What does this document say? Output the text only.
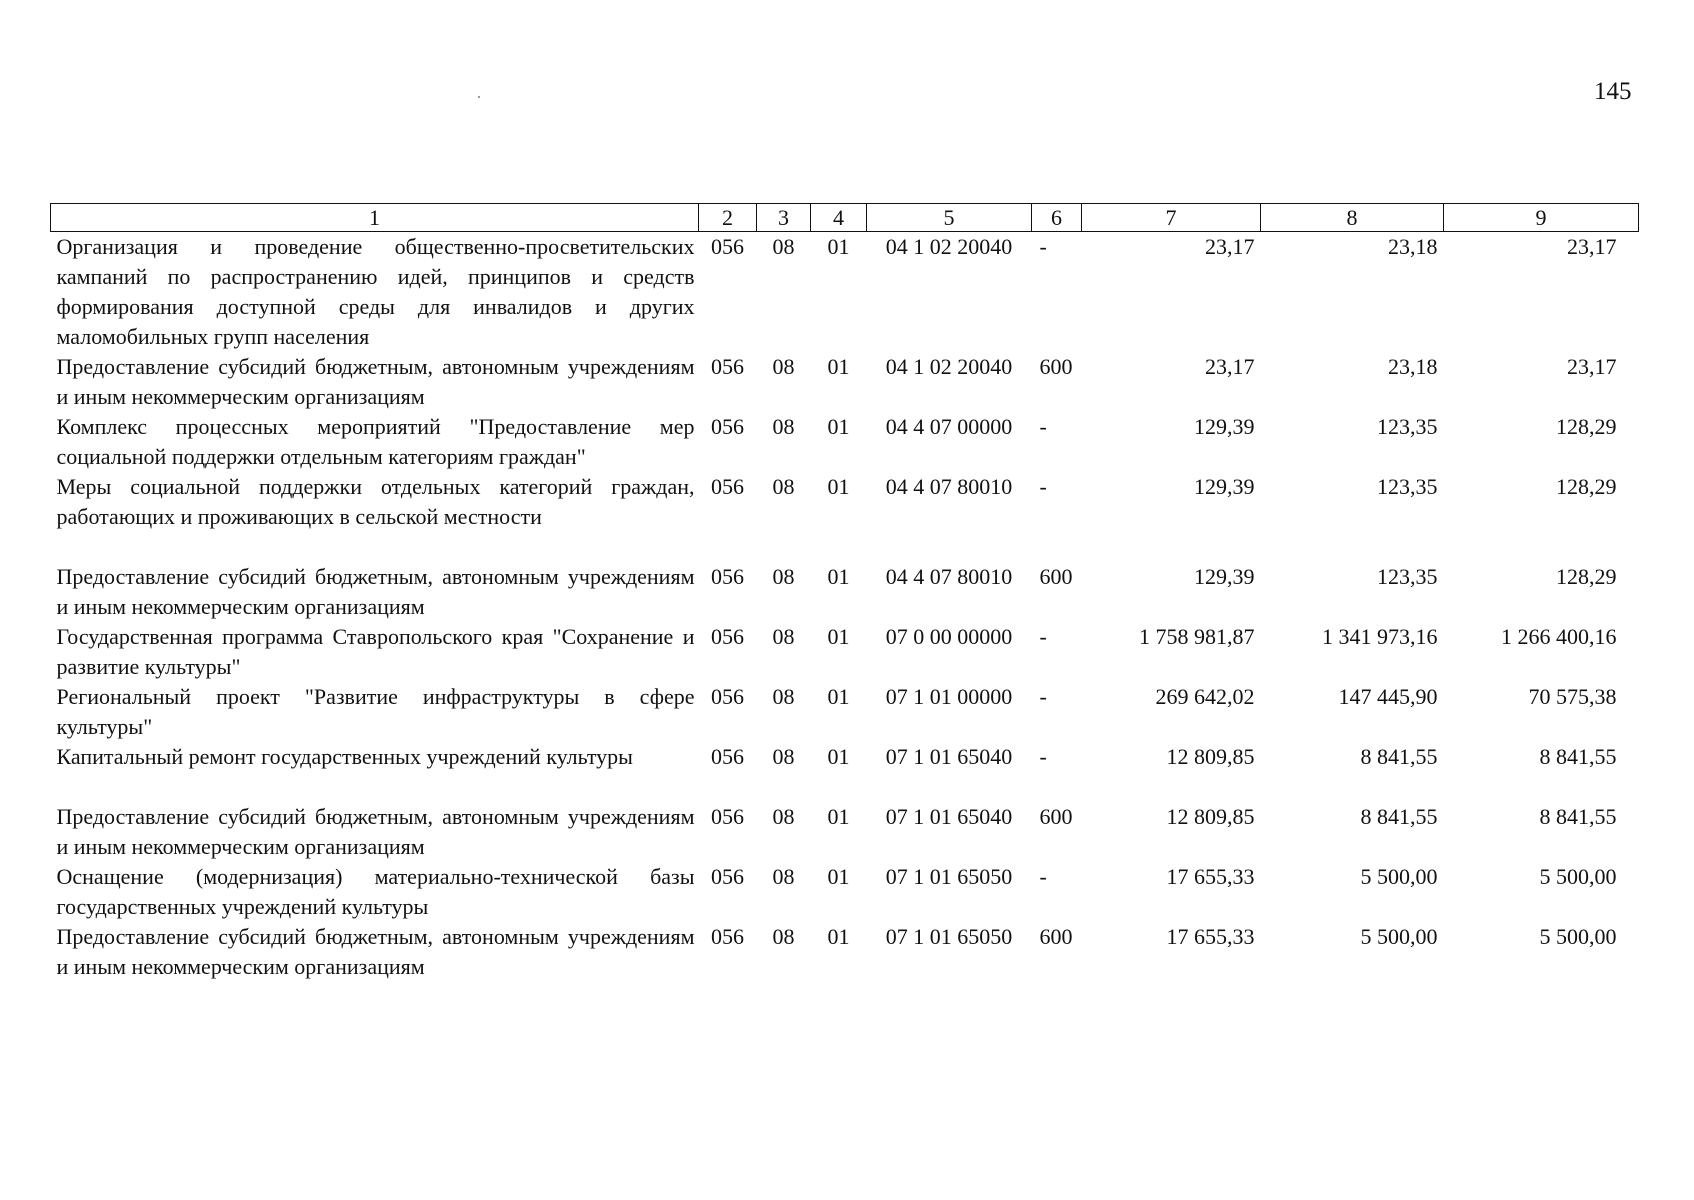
145
1	2	3	4	5	6	7	8	9
Организация и проведение общественно-просветительских кампаний по распространению идей, принципов и средств формирования доступной среды для инвалидов и других маломобильных групп населения	056	08	01	04 1 02 20040	-	23,17	23,18	23,17
Предоставление субсидий бюджетным, автономным учреждениям и иным некоммерческим организациям	056	08	01	04 1 02 20040	600	23,17	23,18	23,17
Комплекс процессных мероприятий "Предоставление мер социальной поддержки отдельным категориям граждан"	056	08	01	04 4 07 00000	-	129,39	123,35	128,29
Меры социальной поддержки отдельных категорий граждан, работающих и проживающих в сельской местности	056	08	01	04 4 07 80010	-	129,39	123,35	128,29
Предоставление субсидий бюджетным, автономным учреждениям и иным некоммерческим организациям	056	08	01	04 4 07 80010	600	129,39	123,35	128,29
Государственная программа Ставропольского края "Сохранение и развитие культуры"	056	08	01	07 0 00 00000	-	1 758 981,87	1 341 973,16	1 266 400,16
Региональный проект "Развитие инфраструктуры в сфере культуры"	056	08	01	07 1 01 00000	-	269 642,02	147 445,90	70 575,38
Капитальный ремонт государственных учреждений культуры	056	08	01	07 1 01 65040	-	12 809,85	8 841,55	8 841,55
Предоставление субсидий бюджетным, автономным учреждениям и иным некоммерческим организациям	056	08	01	07 1 01 65040	600	12 809,85	8 841,55	8 841,55
Оснащение (модернизация) материально-технической базы государственных учреждений культуры	056	08	01	07 1 01 65050	-	17 655,33	5 500,00	5 500,00
Предоставление субсидий бюджетным, автономным учреждениям и иным некоммерческим организациям	056	08	01	07 1 01 65050	600	17 655,33	5 500,00	5 500,00
